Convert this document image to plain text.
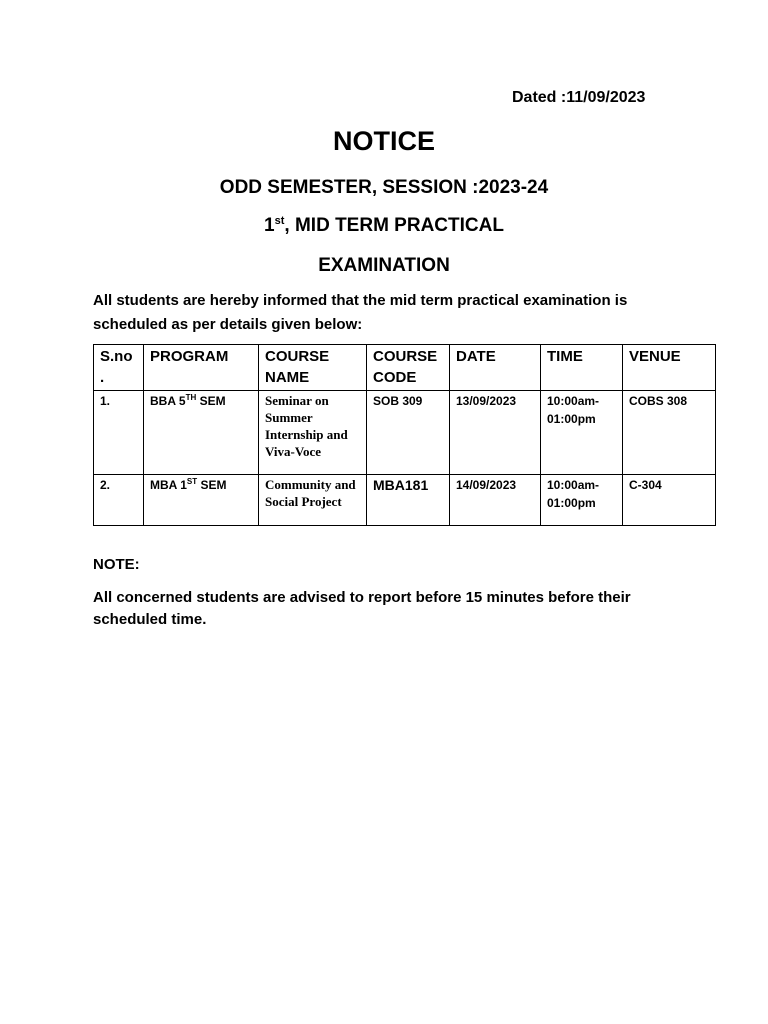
Dated :11/09/2023
NOTICE
ODD SEMESTER, SESSION :2023-24
1st, MID TERM PRACTICAL
EXAMINATION
All students are hereby informed that the mid term practical examination is scheduled as per details given below:
S.no .	PROGRAM	COURSE NAME	COURSE CODE	DATE	TIME	VENUE
1.	BBA 5TH SEM	Seminar on Summer Internship and Viva-Voce	SOB 309	13/09/2023	10:00am-01:00pm	COBS 308
2.	MBA 1ST SEM	Community and Social Project	MBA181	14/09/2023	10:00am-01:00pm	C-304
NOTE:
All concerned students are advised to report before 15 minutes before their scheduled time.
